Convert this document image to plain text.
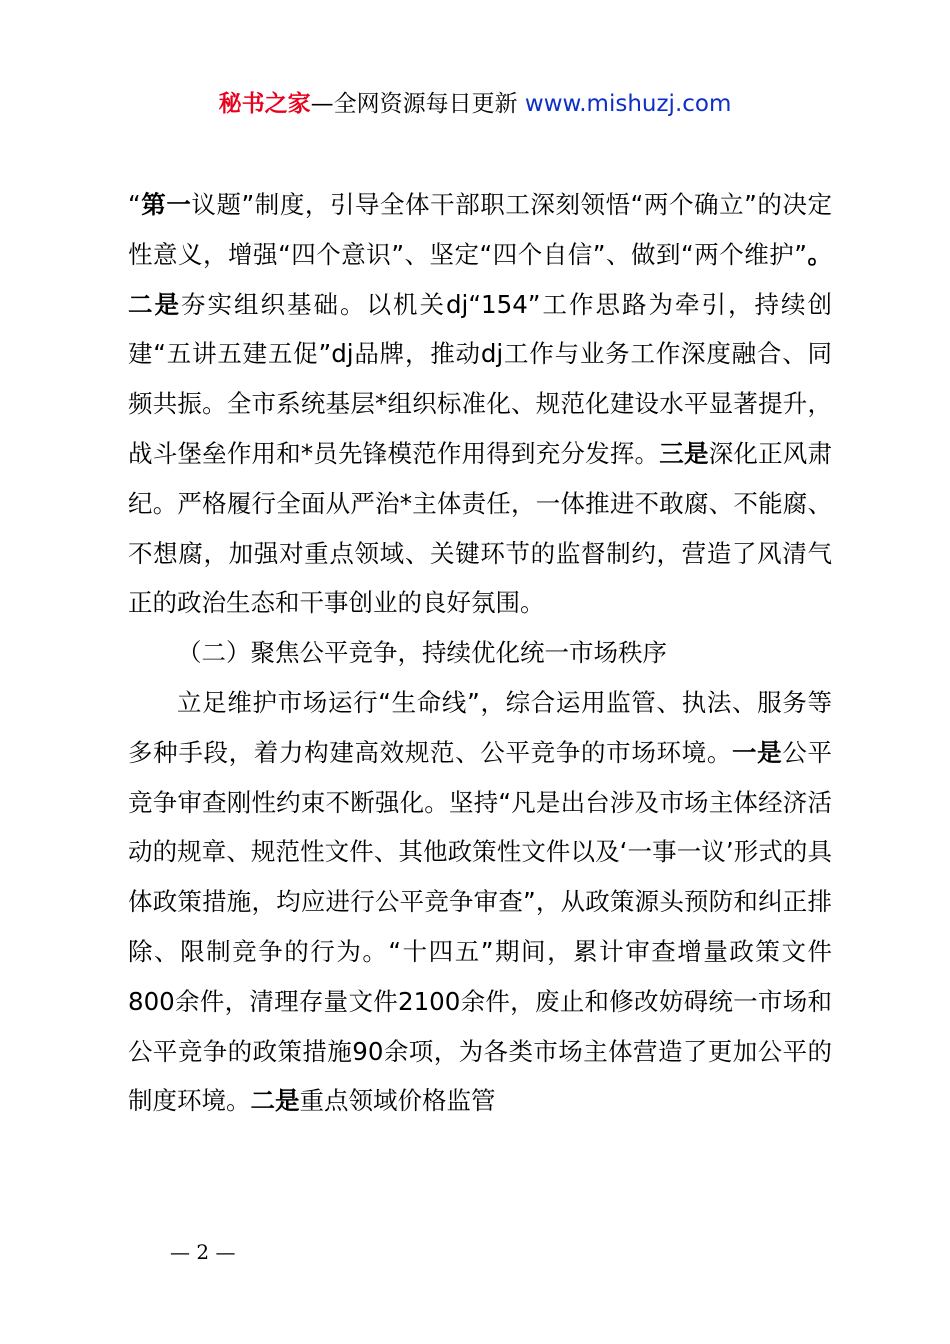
秘书之家—全网资源每日更新 www.mishuzj.com

“第一议题”制度，引导全体干部职工深刻领悟“两个确立”的决定性意义，增强“四个意识”、坚定“四个自信”、做到“两个维护”。二是夯实组织基础。以机关dj“154”工作思路为牵引，持续创建“五讲五建五促”dj品牌，推动dj工作与业务工作深度融合、同频共振。全市系统基层*组织标准化、规范化建设水平显著提升，战斗堡垒作用和*员先锋模范作用得到充分发挥。三是深化正风肃纪。严格履行全面从严治*主体责任，一体推进不敢腐、不能腐、不想腐，加强对重点领域、关键环节的监督制约，营造了风清气正的政治生态和干事创业的良好氛围。

（二）聚焦公平竞争，持续优化统一市场秩序

立足维护市场运行“生命线”，综合运用监管、执法、服务等多种手段，着力构建高效规范、公平竞争的市场环境。一是公平竞争审查刚性约束不断强化。坚持“凡是出台涉及市场主体经济活动的规章、规范性文件、其他政策性文件以及‘一事一议’形式的具体政策措施，均应进行公平竞争审查”，从政策源头预防和纠正排除、限制竞争的行为。“十四五”期间，累计审查增量政策文件800余件，清理存量文件2100余件，废止和修改妨碍统一市场和公平竞争的政策措施90余项，为各类市场主体营造了更加公平的制度环境。二是重点领域价格监管

— 2 —
